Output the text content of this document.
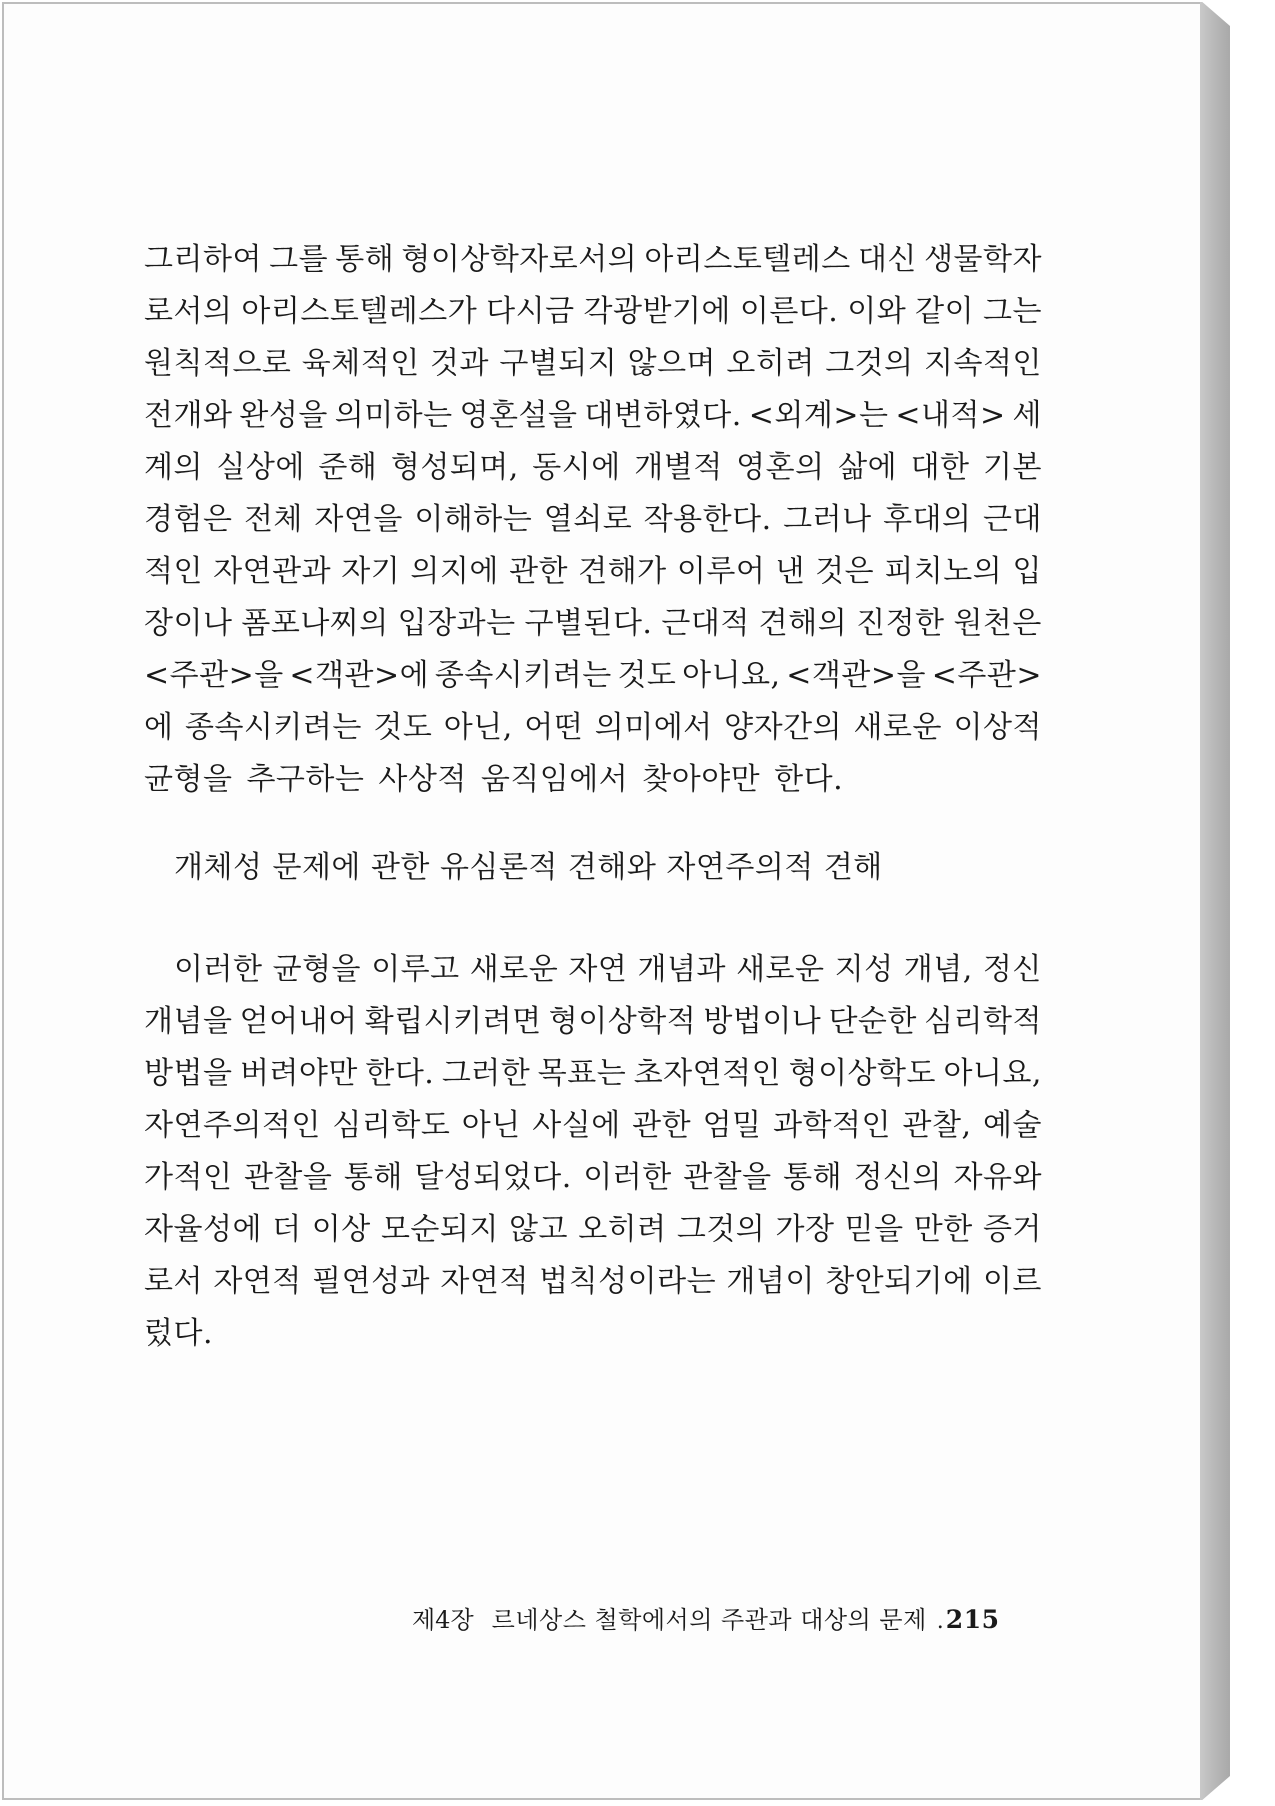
그리하여 그를 통해 형이상학자로서의 아리스토텔레스 대신 생물학자
로서의 아리스토텔레스가 다시금 각광받기에 이른다. 이와 같이 그는
원칙적으로 육체적인 것과 구별되지 않으며 오히려 그것의 지속적인
전개와 완성을 의미하는 영혼설을 대변하였다. <외계>는 <내적> 세
계의 실상에 준해 형성되며, 동시에 개별적 영혼의 삶에 대한 기본
경험은 전체 자연을 이해하는 열쇠로 작용한다. 그러나 후대의 근대
적인 자연관과 자기 의지에 관한 견해가 이루어 낸 것은 피치노의 입
장이나 폼포나찌의 입장과는 구별된다. 근대적 견해의 진정한 원천은
<주관>을 <객관>에 종속시키려는 것도 아니요, <객관>을 <주관>
에 종속시키려는 것도 아닌, 어떤 의미에서 양자간의 새로운 이상적
균형을 추구하는 사상적 움직임에서 찾아야만 한다.
개체성 문제에 관한 유심론적 견해와 자연주의적 견해
이러한 균형을 이루고 새로운 자연 개념과 새로운 지성 개념, 정신
개념을 얻어내어 확립시키려면 형이상학적 방법이나 단순한 심리학적
방법을 버려야만 한다. 그러한 목표는 초자연적인 형이상학도 아니요,
자연주의적인 심리학도 아닌 사실에 관한 엄밀 과학적인 관찰, 예술
가적인 관찰을 통해 달성되었다. 이러한 관찰을 통해 정신의 자유와
자율성에 더 이상 모순되지 않고 오히려 그것의 가장 믿을 만한 증거
로서 자연적 필연성과 자연적 법칙성이라는 개념이 창안되기에 이르
렀다.
제4장 르네상스 철학에서의 주관과 대상의 문제 . 215
